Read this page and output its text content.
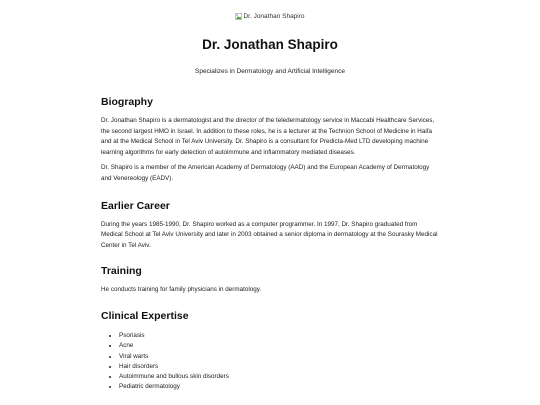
Dr. Jonathan Shapiro
Dr. Jonathan Shapiro

Specializes in Dermatology and Artificial Intelligence

Biography

Dr. Jonathan Shapiro is a dermatologist and the director of the teledermatology service in Maccabi Healthcare Services, the second largest HMO in Israel. In addition to these roles, he is a lecturer at the Technion School of Medicine in Haifa and at the Medical School in Tel Aviv University. Dr. Shapiro is a consultant for Predicta-Med LTD developing machine learning algorithms for early detection of autoimmune and inflammatory mediated diseases.

Dr. Shapiro is a member of the American Academy of Dermatology (AAD) and the European Academy of Dermatology and Venereology (EADV).

Earlier Career

During the years 1985-1990, Dr. Shapiro worked as a computer programmer. In 1997, Dr. Shapiro graduated from Medical School at Tel Aviv University and later in 2003 obtained a senior diploma in dermatology at the Sourasky Medical Center in Tel Aviv.

Training

He conducts training for family physicians in dermatology.

Clinical Expertise
• Psoriasis
• Acne
• Viral warts
• Hair disorders
• Autoimmune and bullous skin disorders
• Pediatric dermatology
